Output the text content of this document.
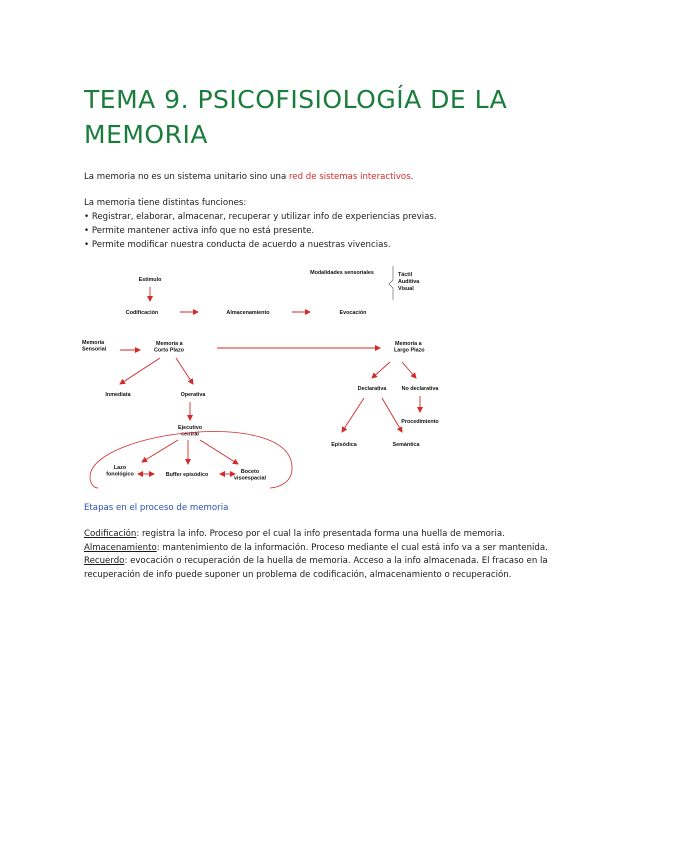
TEMA 9. PSICOFISIOLOGÍA DE LA MEMORIA
La memoria no es un sistema unitario sino una red de sistemas interactivos.
La memoria tiene distintas funciones:
• Registrar, elaborar, almacenar, recuperar y utilizar info de experiencias previas.
• Permite mantener activa info que no está presente.
• Permite modificar nuestra conducta de acuerdo a nuestras vivencias.
Estímulo
Codificación	Almacenamiento	Evocación
Modalidades sensoriales	Táctil
Auditiva
Visual
Memoria Sensorial
Memoria a Corto Plazo
Memoria a Largo Plazo
Inmediata	Operativa
Ejecutivo central
Lazo fonológico	Buffer episódico	Boceto visoespacial
Declarativa	No declarativa
Procedimiento
Episódica	Semántica
Etapas en el proceso de memoria

Codificación: registra la info. Proceso por el cual la info presentada forma una huella de memoria.

Almacenamiento: mantenimiento de la información. Proceso mediante el cual está info va a ser mantenida.

Recuerdo: evocación o recuperación de la huella de memoria. Acceso a la info almacenada. El fracaso en la recuperación de info puede suponer un problema de codificación, almacenamiento o recuperación.
